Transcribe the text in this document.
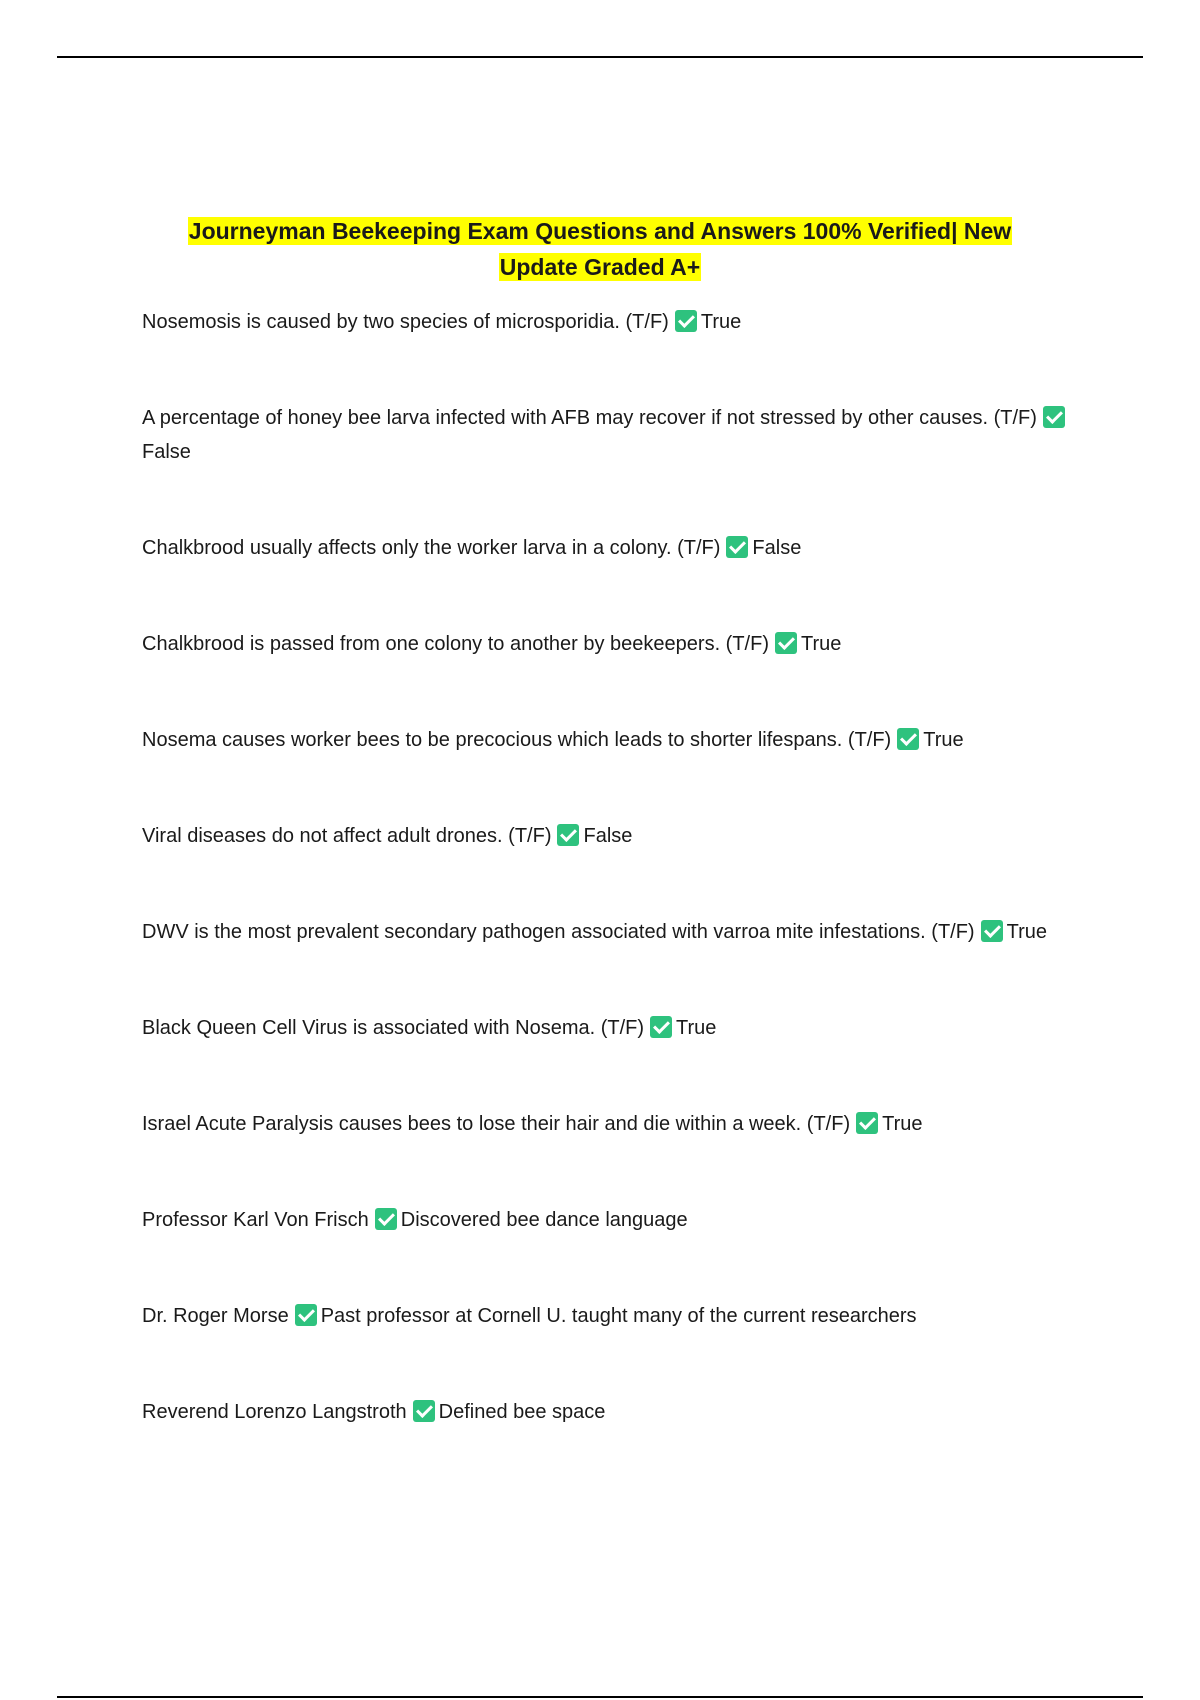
Journeyman Beekeeping Exam Questions and Answers 100% Verified| New
Update Graded A+
Nosemosis is caused by two species of microsporidia. (T/F) True
A percentage of honey bee larva infected with AFB may recover if not stressed by other causes. (T/F)False
Chalkbrood usually affects only the worker larva in a colony. (T/F) False
Chalkbrood is passed from one colony to another by beekeepers. (T/F) True
Nosema causes worker bees to be precocious which leads to shorter lifespans. (T/F) True
Viral diseases do not affect adult drones. (T/F) False
DWV is the most prevalent secondary pathogen associated with varroa mite infestations. (T/F) True
Black Queen Cell Virus is associated with Nosema. (T/F) True
Israel Acute Paralysis causes bees to lose their hair and die within a week. (T/F) True
Professor Karl Von Frisch Discovered bee dance language
Dr. Roger Morse Past professor at Cornell U. taught many of the current researchers
Reverend Lorenzo Langstroth Defined bee space
